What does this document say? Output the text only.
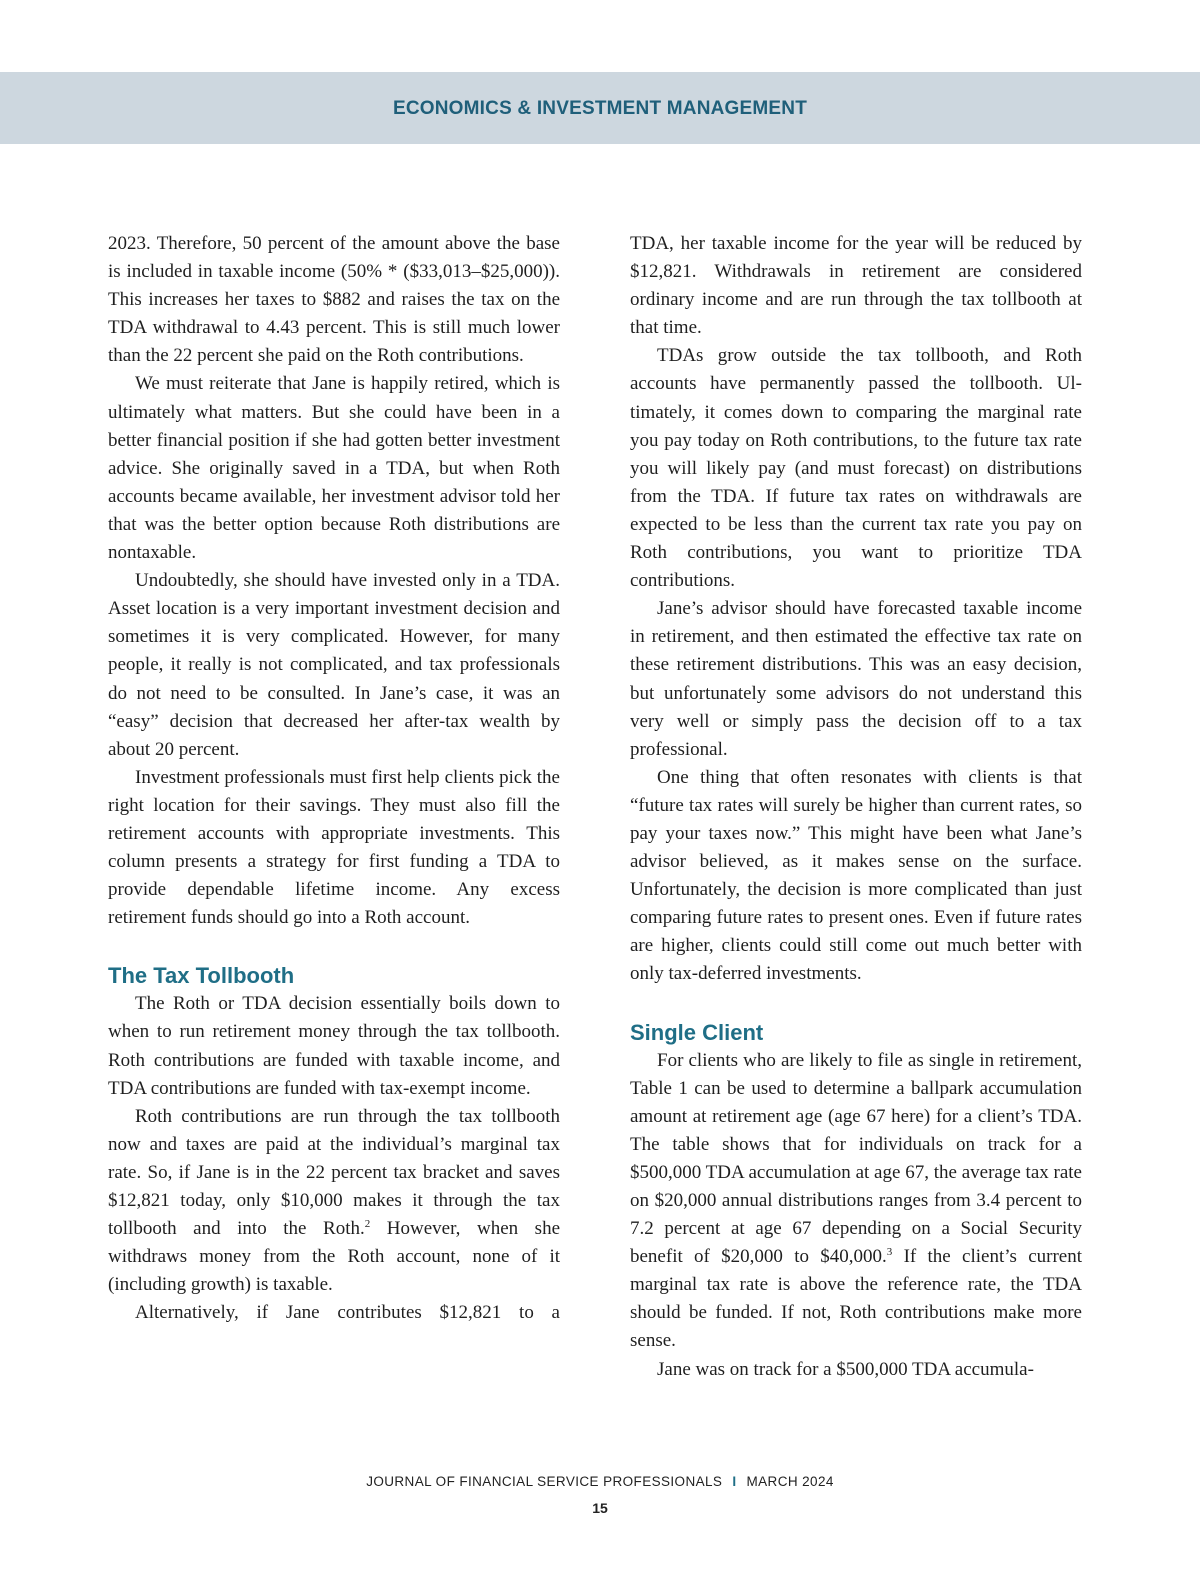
ECONOMICS & INVESTMENT MANAGEMENT

2023. Therefore, 50 percent of the amount above the base is included in taxable income (50% * ($33,013–$25,000)). This increases her taxes to $882 and raises the tax on the TDA withdrawal to 4.43 percent. This is still much lower than the 22 percent she paid on the Roth contributions.

We must reiterate that Jane is happily retired, which is ultimately what matters. But she could have been in a better financial position if she had gotten better investment advice. She originally saved in a TDA, but when Roth accounts became available, her investment advisor told her that was the better option because Roth distributions are nontaxable.

Undoubtedly, she should have invested only in a TDA. Asset location is a very important investment decision and sometimes it is very complicated. However, for many people, it really is not complicated, and tax professionals do not need to be consulted. In Jane’s case, it was an “easy” decision that decreased her after-tax wealth by about 20 percent.

Investment professionals must first help clients pick the right location for their savings. They must also fill the retirement accounts with appropriate investments. This column presents a strategy for first funding a TDA to provide dependable lifetime income. Any excess retirement funds should go into a Roth account.

The Tax Tollbooth

The Roth or TDA decision essentially boils down to when to run retirement money through the tax tollbooth. Roth contributions are funded with taxable income, and TDA contributions are funded with tax-exempt income.

Roth contributions are run through the tax tollbooth now and taxes are paid at the individual’s marginal tax rate. So, if Jane is in the 22 percent tax bracket and saves $12,821 today, only $10,000 makes it through the tax tollbooth and into the Roth.$^2$ However, when she withdraws money from the Roth account, none of it (including growth) is taxable.

Alternatively, if Jane contributes $12,821 to a

TDA, her taxable income for the year will be reduced by $12,821. Withdrawals in retirement are considered ordinary income and are run through the tax tollbooth at that time.

TDAs grow outside the tax tollbooth, and Roth accounts have permanently passed the tollbooth. Ultimately, it comes down to comparing the marginal rate you pay today on Roth contributions, to the future tax rate you will likely pay (and must forecast) on distributions from the TDA. If future tax rates on withdrawals are expected to be less than the current tax rate you pay on Roth contributions, you want to prioritize TDA contributions.

Jane’s advisor should have forecasted taxable income in retirement, and then estimated the effective tax rate on these retirement distributions. This was an easy decision, but unfortunately some advisors do not understand this very well or simply pass the decision off to a tax professional.

One thing that often resonates with clients is that “future tax rates will surely be higher than current rates, so pay your taxes now.” This might have been what Jane’s advisor believed, as it makes sense on the surface. Unfortunately, the decision is more complicated than just comparing future rates to present ones. Even if future rates are higher, clients could still come out much better with only tax-deferred investments.

Single Client

For clients who are likely to file as single in retirement, Table 1 can be used to determine a ballpark accumulation amount at retirement age (age 67 here) for a client’s TDA. The table shows that for individuals on track for a $500,000 TDA accumulation at age 67, the average tax rate on $20,000 annual distributions ranges from 3.4 percent to 7.2 percent at age 67 depending on a Social Security benefit of $20,000 to $40,000.$^3$ If the client’s current marginal tax rate is above the reference rate, the TDA should be funded. If not, Roth contributions make more sense.

Jane was on track for a $500,000 TDA accumula-

JOURNAL OF FINANCIAL SERVICE PROFESSIONALS I MARCH 2024
15
